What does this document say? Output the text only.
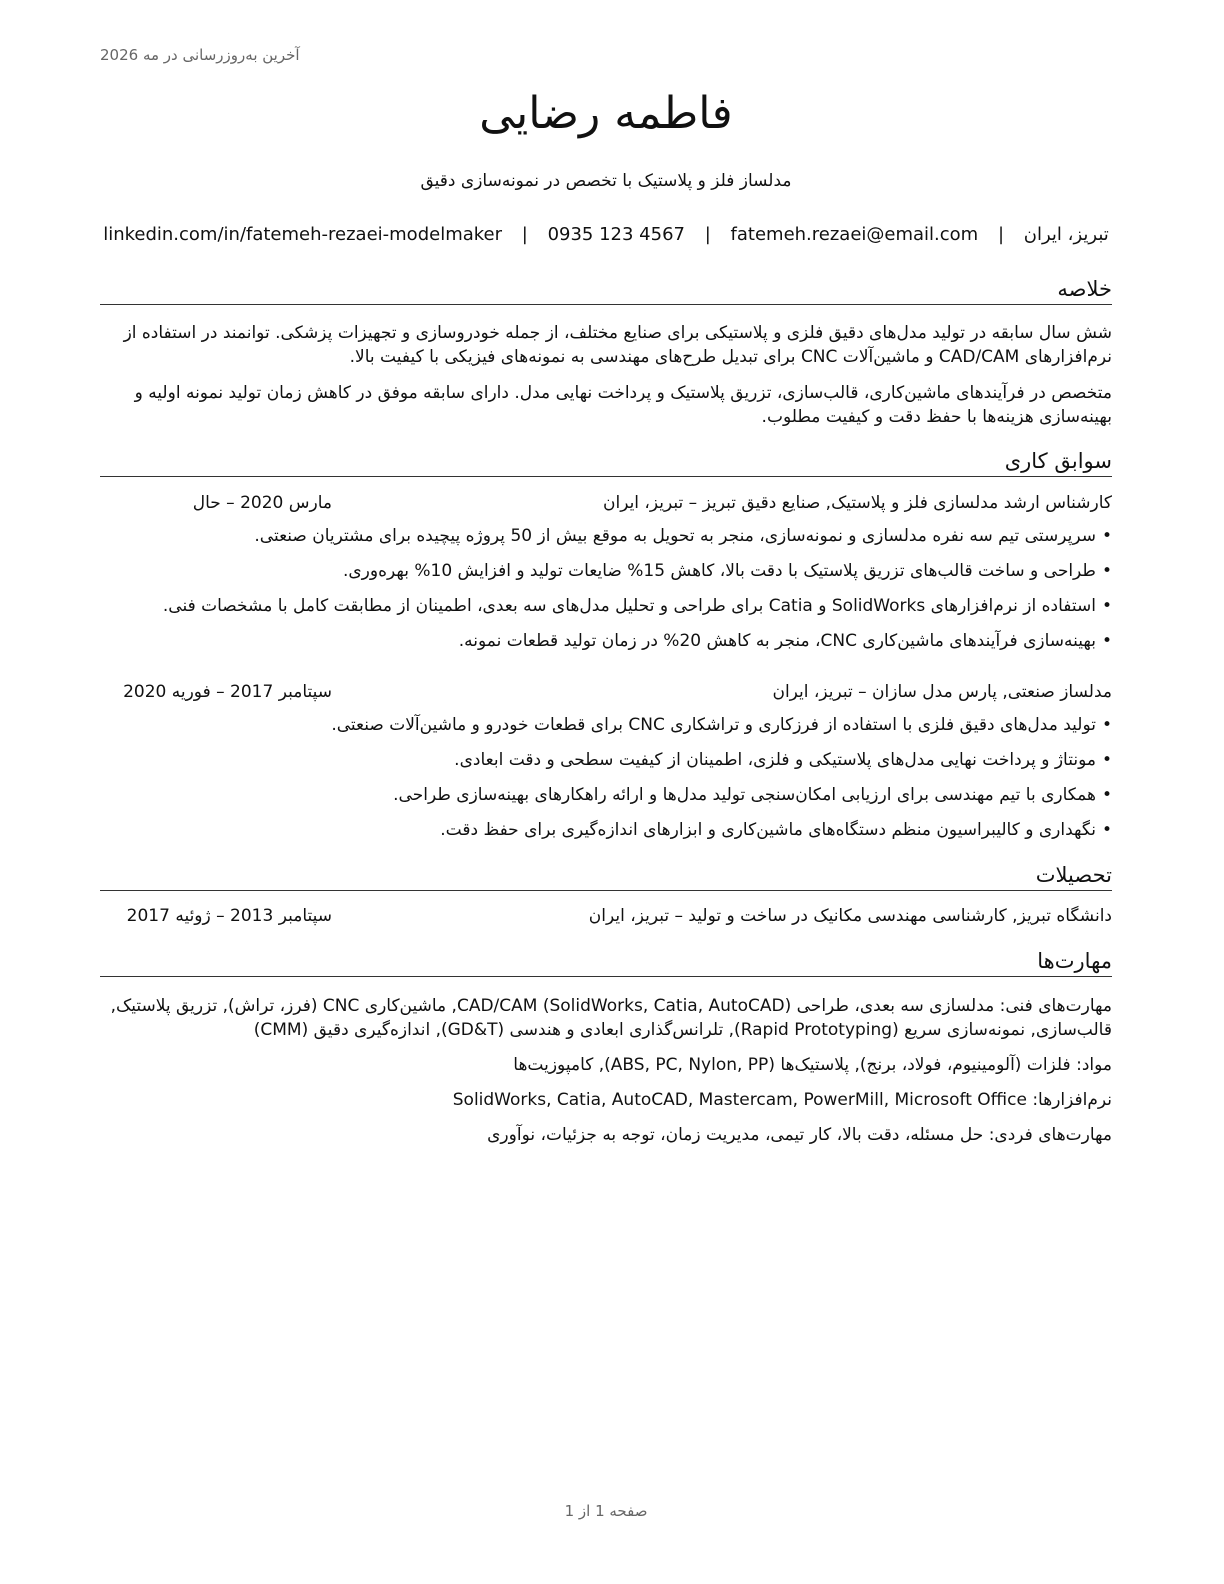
آخرین به‌روزرسانی در مه 2026
فاطمه رضایی
مدلساز فلز و پلاستیک با تخصص در نمونه‌سازی دقیق
تبریز، ایران | fatemeh.rezaei@email.com | 0935 123 4567 | linkedin.com/in/fatemeh-rezaei-modelmaker
خلاصه
شش سال سابقه در تولید مدل‌های دقیق فلزی و پلاستیکی برای صنایع مختلف، از جمله خودروسازی و تجهیزات پزشکی. توانمند در استفاده از نرم‌افزارهای CAD/CAM و ماشین‌آلات CNC برای تبدیل طرح‌های مهندسی به نمونه‌های فیزیکی با کیفیت بالا.
متخصص در فرآیندهای ماشین‌کاری، قالب‌سازی، تزریق پلاستیک و پرداخت نهایی مدل. دارای سابقه موفق در کاهش زمان تولید نمونه اولیه و بهینه‌سازی هزینه‌ها با حفظ دقت و کیفیت مطلوب.
سوابق کاری
کارشناس ارشد مدلسازی فلز و پلاستیک, صنایع دقیق تبریز – تبریز، ایران
مارس 2020 – حال
• سرپرستی تیم سه نفره مدلسازی و نمونه‌سازی، منجر به تحویل به موقع بیش از 50 پروژه پیچیده برای مشتریان صنعتی.
• طراحی و ساخت قالب‌های تزریق پلاستیک با دقت بالا، کاهش 15% ضایعات تولید و افزایش 10% بهره‌وری.
• استفاده از نرم‌افزارهای SolidWorks و Catia برای طراحی و تحلیل مدل‌های سه بعدی، اطمینان از مطابقت کامل با مشخصات فنی.
• بهینه‌سازی فرآیندهای ماشین‌کاری CNC، منجر به کاهش 20% در زمان تولید قطعات نمونه.
مدلساز صنعتی, پارس مدل سازان – تبریز، ایران
سپتامبر 2017 – فوریه 2020
• تولید مدل‌های دقیق فلزی با استفاده از فرزکاری و تراشکاری CNC برای قطعات خودرو و ماشین‌آلات صنعتی.
• مونتاژ و پرداخت نهایی مدل‌های پلاستیکی و فلزی، اطمینان از کیفیت سطحی و دقت ابعادی.
• همکاری با تیم مهندسی برای ارزیابی امکان‌سنجی تولید مدل‌ها و ارائه راهکارهای بهینه‌سازی طراحی.
• نگهداری و کالیبراسیون منظم دستگاه‌های ماشین‌کاری و ابزارهای اندازه‌گیری برای حفظ دقت.
تحصیلات
دانشگاه تبریز, کارشناسی مهندسی مکانیک در ساخت و تولید – تبریز، ایران
سپتامبر 2013 – ژوئیه 2017
مهارت‌ها
مهارت‌های فنی: مدلسازی سه بعدی، طراحی CAD/CAM (SolidWorks, Catia, AutoCAD), ماشین‌کاری CNC (فرز، تراش), تزریق پلاستیک, قالب‌سازی, نمونه‌سازی سریع (Rapid Prototyping), تلرانس‌گذاری ابعادی و هندسی (GD&T), اندازه‌گیری دقیق (CMM)
مواد: فلزات (آلومینیوم، فولاد، برنج), پلاستیک‌ها (ABS, PC, Nylon, PP), کامپوزیت‌ها
نرم‌افزارها: SolidWorks, Catia, AutoCAD, Mastercam, PowerMill, Microsoft Office
مهارت‌های فردی: حل مسئله، دقت بالا، کار تیمی، مدیریت زمان، توجه به جزئیات، نوآوری
صفحه 1 از 1
